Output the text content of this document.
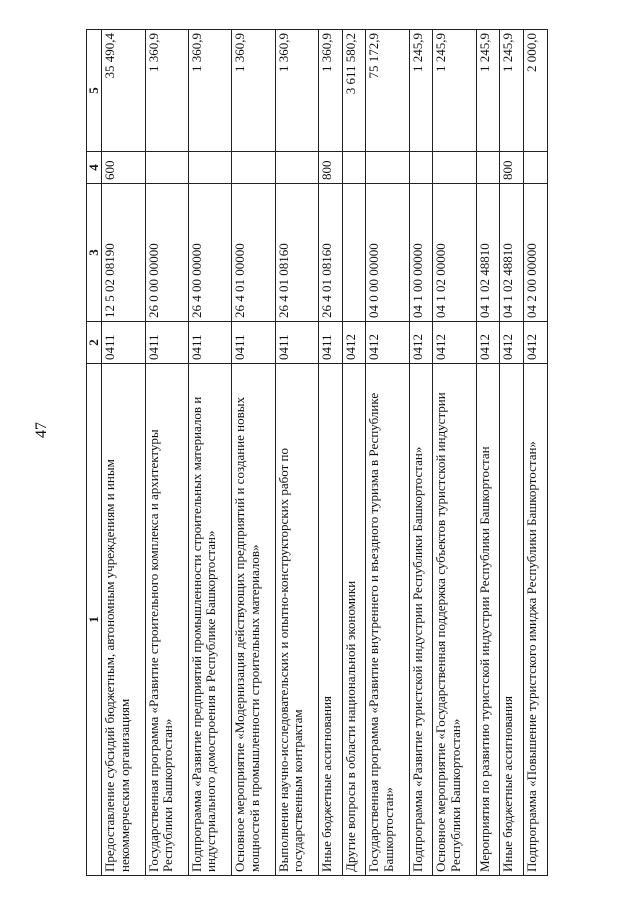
47
1	2	3	4	5
Предоставление субсидий бюджетным, автономным учреждениям и иным некоммерческим организациям	0411	12 5 02 08190	600	35 490,4
Государственная программа «Развитие строительного комплекса и архитектуры Республики Башкортостан»	0411	26 0 00 00000		1 360,9
Подпрограмма «Развитие предприятий промышленности строительных материалов и индустриального домостроения в Республике Башкортостан»	0411	26 4 00 00000		1 360,9
Основное мероприятие «Модернизация действующих предприятий и создание новых мощностей в промышленности строительных материалов»	0411	26 4 01 00000		1 360,9
Выполнение научно-исследовательских и опытно-конструкторских работ по государственным контрактам	0411	26 4 01 08160		1 360,9
Иные бюджетные ассигнования	0411	26 4 01 08160	800	1 360,9
Другие вопросы в области национальной экономики	0412			3 611 580,2
Государственная программа «Развитие внутреннего и въездного туризма в Республике Башкортостан»	0412	04 0 00 00000		75 172,9
Подпрограмма «Развитие туристской индустрии Республики Башкортостан»	0412	04 1 00 00000		1 245,9
Основное мероприятие «Государственная поддержка субъектов туристской индустрии Республики Башкортостан»	0412	04 1 02 00000		1 245,9
Мероприятия по развитию туристской индустрии Республики Башкортостан	0412	04 1 02 48810		1 245,9
Иные бюджетные ассигнования	0412	04 1 02 48810	800	1 245,9
Подпрограмма «Повышение туристского имиджа Республики Башкортостан»	0412	04 2 00 00000		2 000,0
